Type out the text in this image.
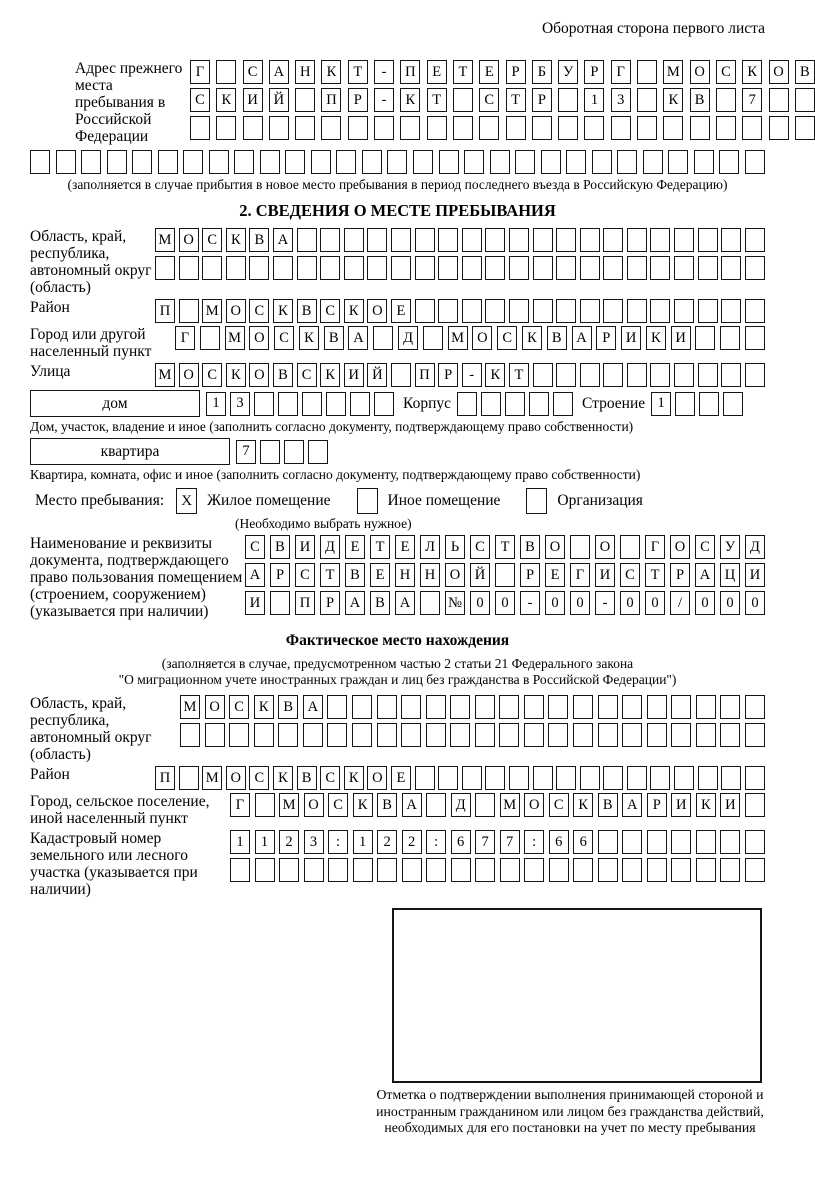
Оборотная сторона первого листа
Адрес прежнего места пребывания в Российской Федерации
Г	С	А	Н	К	Т	-	П	Е	Т	Е	Р	Б	У	Р	Г	М	О	С	К	О	В
С	К	И	Й	П	Р	-	К	Т	С	Т	Р	1	3	К	В	7
(заполняется в случае прибытия в новое место пребывания в период последнего въезда в Российскую Федерацию)
2. СВЕДЕНИЯ О МЕСТЕ ПРЕБЫВАНИЯ
Область, край, республика, автономный округ (область)
М О С К В А
Район	П	М О С К В С К О Е
Город или другой населенный пункт
Г	М О	С	К	В	А	Д	М О	С	К	В	А	Р	И	К	И
Улица	М О С К О В С К И Й	П Р	-	К Т
дом	1	3	Корпус	Строение 1
Дом, участок, владение и иное (заполнить согласно документу, подтверждающему право собственности)
квартира	7
Квартира, комната, офис и иное (заполнить согласно документу, подтверждающему право собственности)
Место пребывания:	X Жилое помещение	Иное помещение	Организация
(Необходимо выбрать нужное)
Наименование и реквизиты документа, подтверждающего право пользования помещением (строением, сооружением) (указывается при наличии)
С	В	И	Д	Е	Т	Е	Л	Ь	С	Т	В	О	О	Г	О	С	У	Д
А	Р	С	Т	В	Е	Н	Н	О	Й	Р	Е	Г	И	С	Т	Р	А	Ц	И
И	П	Р	А	В	А	№ 0	0	-	0	0	-	0	0	/	0	0	0
Фактическое место нахождения
(заполняется в случае, предусмотренном частью 2 статьи 21 Федерального закона
"О миграционном учете иностранных граждан и лиц без гражданства в Российской Федерации")
Область, край, республика, автономный округ (область)
М О С	К	В А
Район	П	М О С К В С К О Е
Город, сельское поселение, иной населенный пункт
Г	М О С	К	В А	Д	М О С	К	В А	Р	И К И
Кадастровый номер земельного или лесного участка (указывается при наличии)
1	1	2	3	:	1	2	2	:	6	7	7	:	6	6
Отметка о подтверждении выполнения принимающей стороной и иностранным гражданином или лицом без гражданства действий, необходимых для его постановки на учет по месту пребывания
